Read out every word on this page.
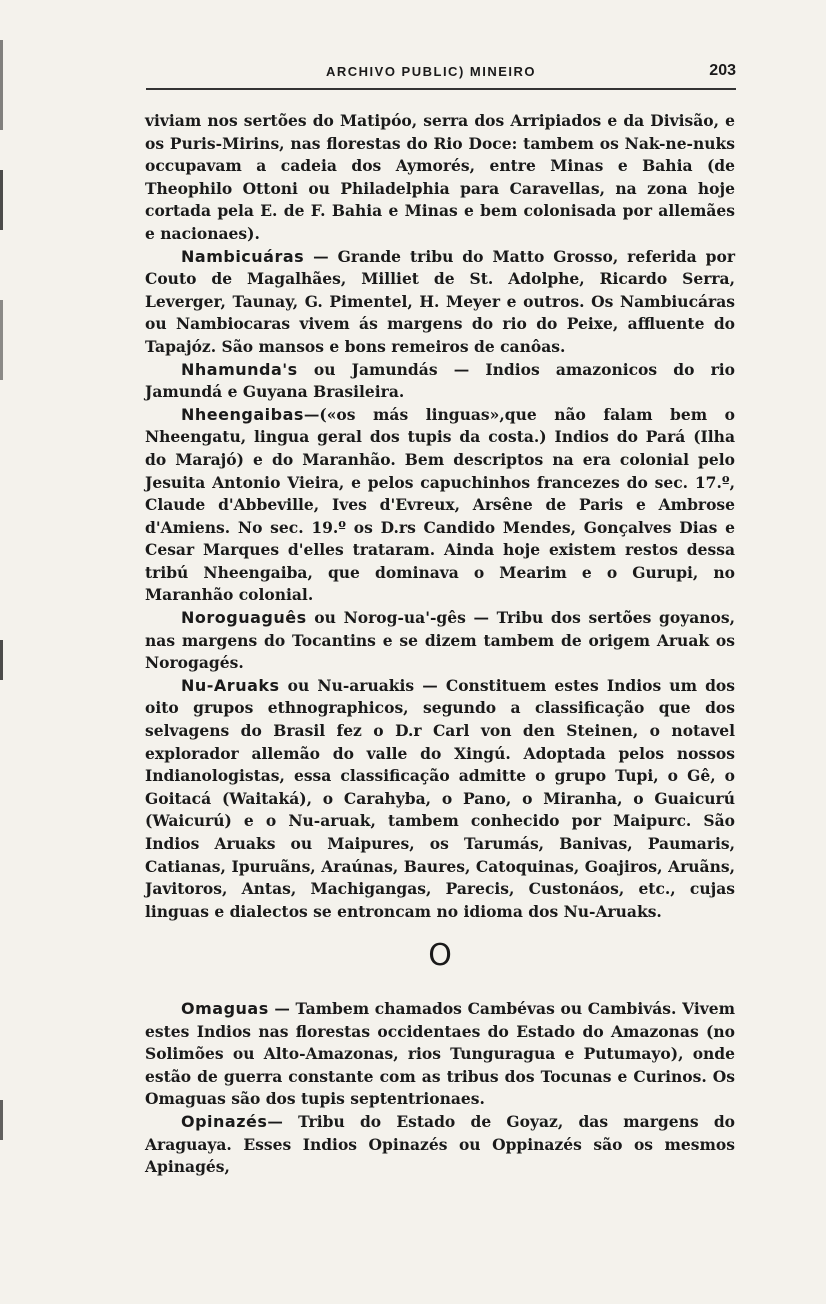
ARCHIVO PUBLIC) MINEIRO	203

viviam nos sertões do Matipóo, serra dos Arripiados e da Divisão, e os Puris-Mirins, nas florestas do Rio Doce: tambem os Nak-ne-nuks occupavam a cadeia dos Aymorés, entre Minas e Bahia (de Theophilo Ottoni ou Philadelphia para Caravellas, na zona hoje cortada pela E. de F. Bahia e Minas e bem colonisada por allemães e nacionaes).

Nambicuáras — Grande tribu do Matto Grosso, referida por Couto de Magalhães, Milliet de St. Adolphe, Ricardo Serra, Leverger, Taunay, G. Pimentel, H. Meyer e outros. Os Nambiucáras ou Nambiocaras vivem ás margens do rio do Peixe, affluente do Tapajóz. São mansos e bons remeiros de canôas.

Nhamunda's ou Jamundás — Indios amazonicos do rio Jamundá e Guyana Brasileira.

Nheengaibas—(«os más linguas»,que não falam bem o Nheengatu, lingua geral dos tupis da costa.) Indios do Pará (Ilha do Marajó) e do Maranhão. Bem descriptos na era colonial pelo Jesuita Antonio Vieira, e pelos capuchinhos francezes do sec. 17.º, Claude d'Abbeville, Ives d'Evreux, Arsêne de Paris e Ambrose d'Amiens. No sec. 19.º os D.rs Candido Mendes, Gonçalves Dias e Cesar Marques d'elles trataram. Ainda hoje existem restos dessa tribú Nheengaiba, que dominava o Mearim e o Gurupi, no Maranhão colonial.

Noroguaguês ou Norog-ua'-gês — Tribu dos sertões goyanos, nas margens do Tocantins e se dizem tambem de origem Aruak os Norogagés.

Nu-Aruaks ou Nu-aruakis — Constituem estes Indios um dos oito grupos ethnographicos, segundo a classificação que dos selvagens do Brasil fez o D.r Carl von den Steinen, o notavel explorador allemão do valle do Xingú. Adoptada pelos nossos Indianologistas, essa classificação admitte o grupo Tupi, o Gê, o Goitacá (Waitaká), o Carahyba, o Pano, o Miranha, o Guaicurú (Waicurú) e o Nu-aruak, tambem conhecido por Maipurc. São Indios Aruaks ou Maipures, os Tarumás, Banivas, Paumaris, Catianas, Ipuruãns, Araúnas, Baures, Catoquinas, Goajiros, Aruãns, Javitoros, Antas, Machigangas, Parecis, Custonáos, etc., cujas linguas e dialectos se entroncam no idioma dos Nu-Aruaks.

O

Omaguas — Tambem chamados Cambévas ou Cambivás. Vivem estes Indios nas florestas occidentaes do Estado do Amazonas (no Solimões ou Alto-Amazonas, rios Tunguragua e Putumayo), onde estão de guerra constante com as tribus dos Tocunas e Curinos. Os Omaguas são dos tupis septentrionaes.

Opinazés— Tribu do Estado de Goyaz, das margens do Araguaya. Esses Indios Opinazés ou Oppinazés são os mesmos Apinagés,
